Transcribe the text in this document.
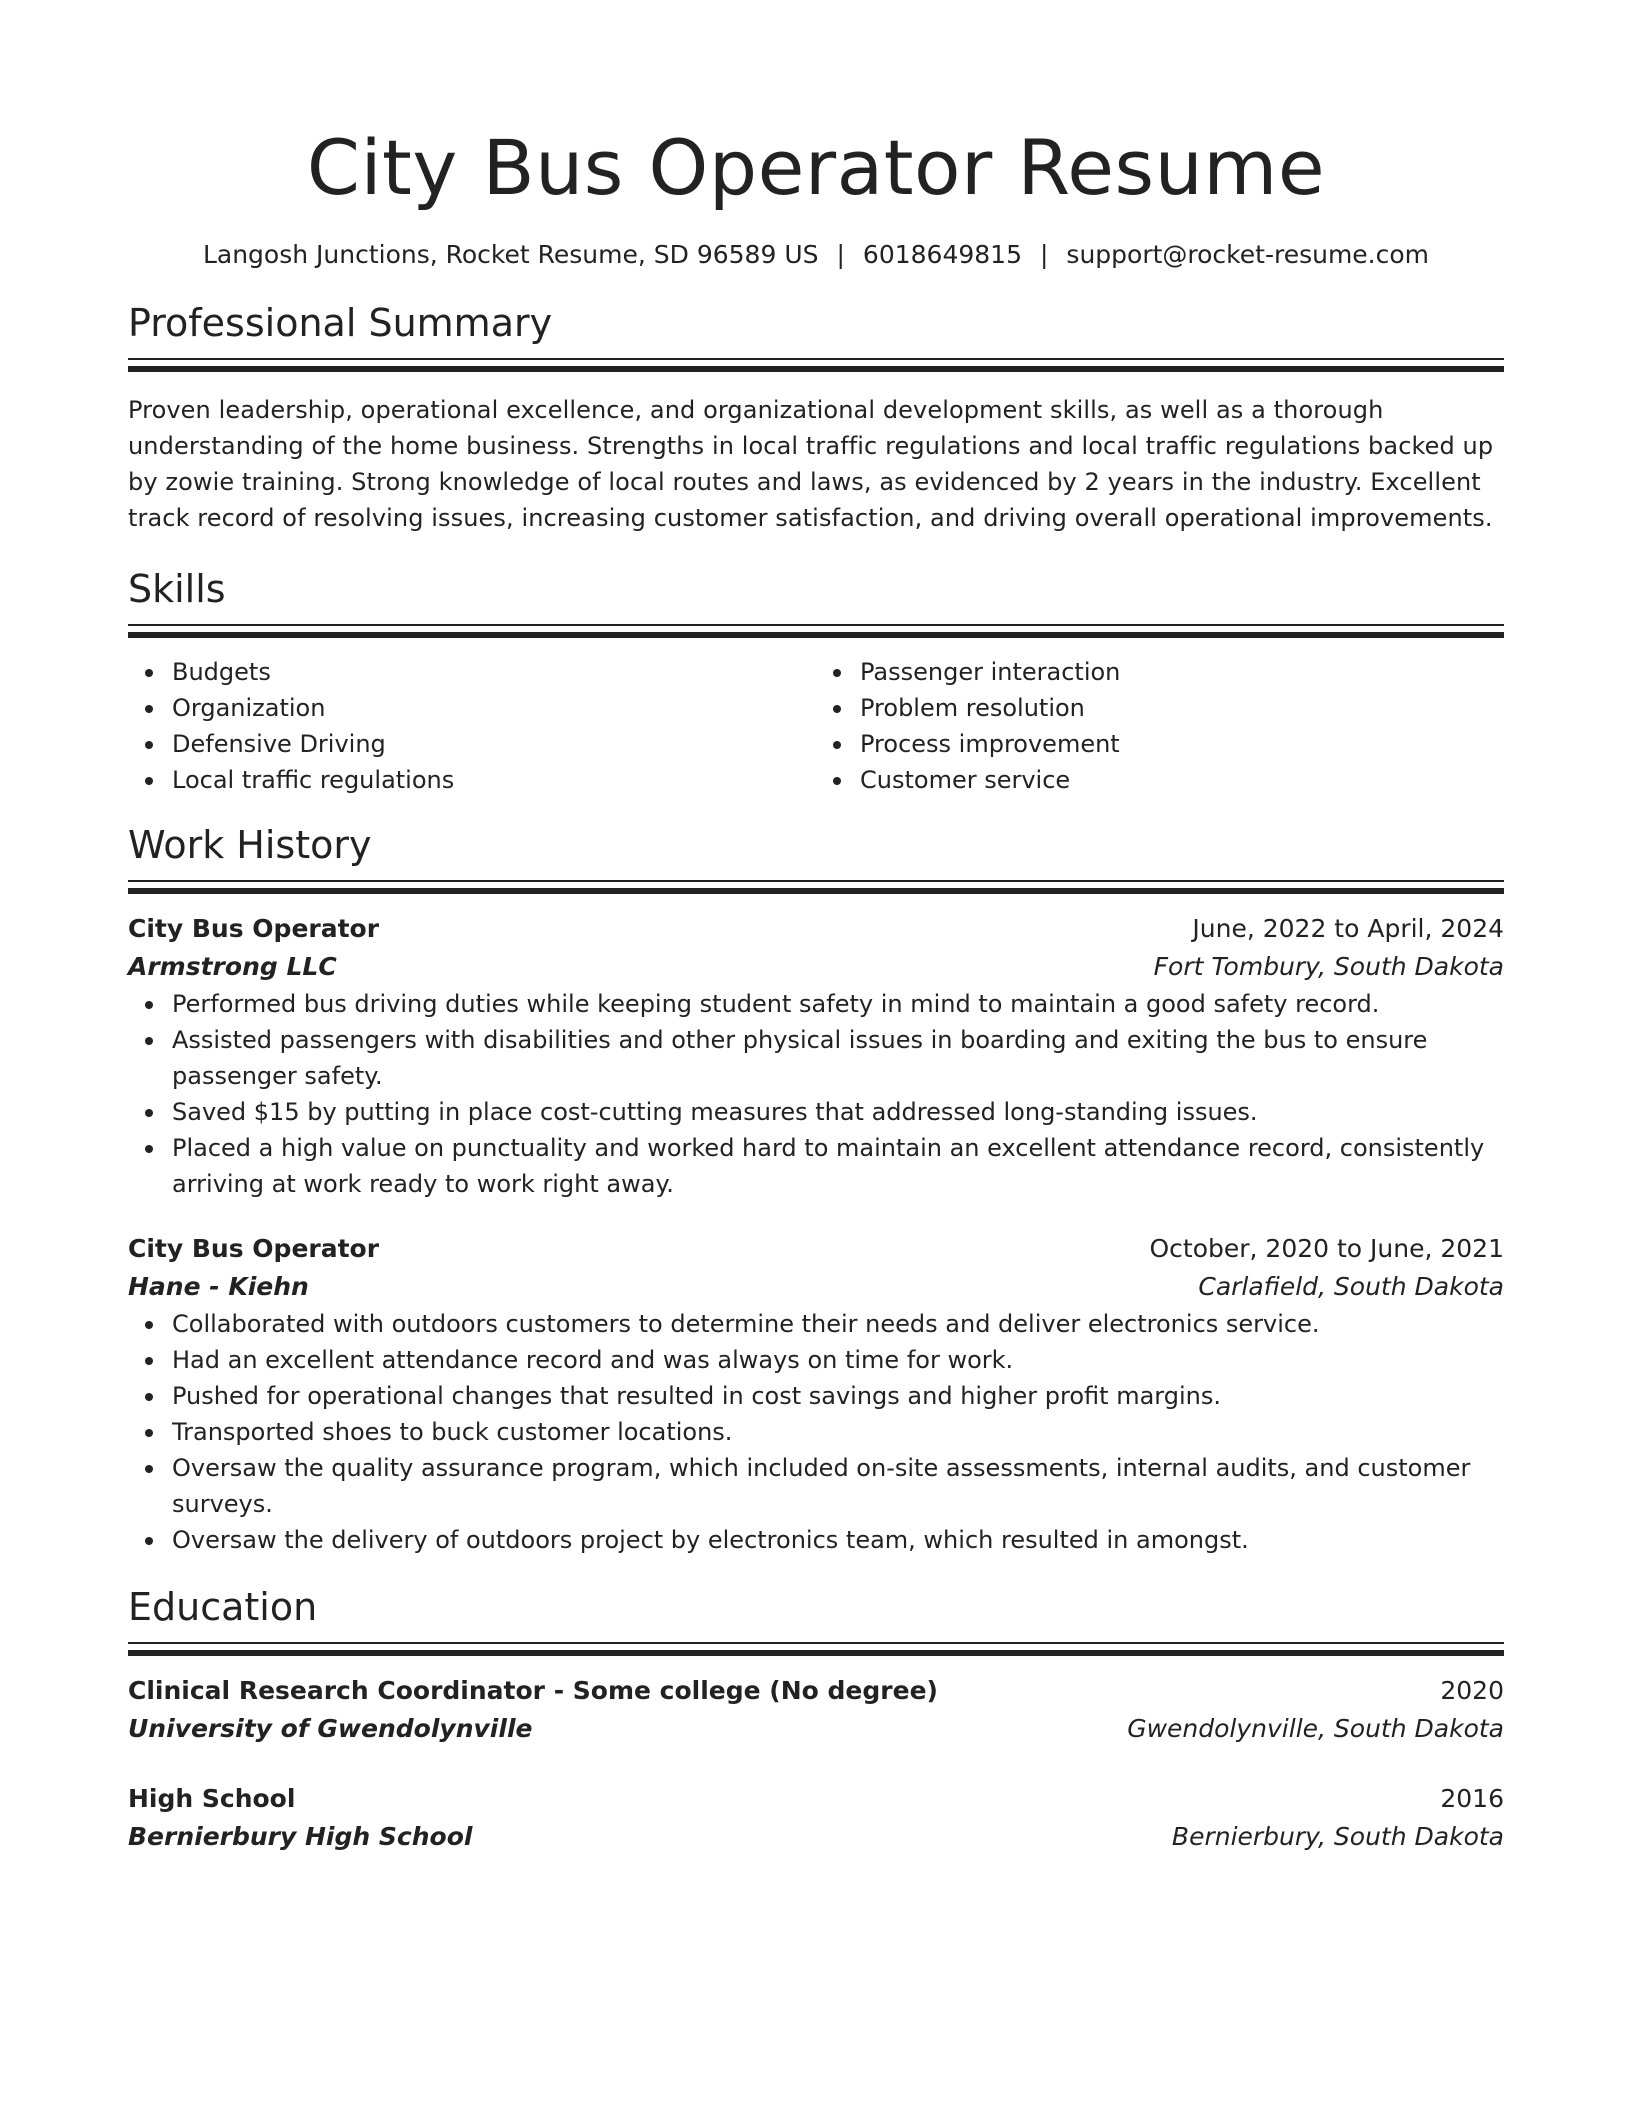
City Bus Operator Resume
Langosh Junctions, Rocket Resume, SD 96589 US | 6018649815 | support@rocket-resume.com
Professional Summary
Proven leadership, operational excellence, and organizational development skills, as well as a thorough understanding of the home business. Strengths in local traffic regulations and local traffic regulations backed up by zowie training. Strong knowledge of local routes and laws, as evidenced by 2 years in the industry. Excellent track record of resolving issues, increasing customer satisfaction, and driving overall operational improvements.
Skills
Budgets
Organization
Defensive Driving
Local traffic regulations
Passenger interaction
Problem resolution
Process improvement
Customer service
Work History
City Bus Operator	June, 2022 to April, 2024
Armstrong LLC	Fort Tombury, South Dakota
Performed bus driving duties while keeping student safety in mind to maintain a good safety record.
Assisted passengers with disabilities and other physical issues in boarding and exiting the bus to ensure passenger safety.
Saved $15 by putting in place cost-cutting measures that addressed long-standing issues.
Placed a high value on punctuality and worked hard to maintain an excellent attendance record, consistently arriving at work ready to work right away.
City Bus Operator	October, 2020 to June, 2021
Hane - Kiehn	Carlafield, South Dakota
Collaborated with outdoors customers to determine their needs and deliver electronics service.
Had an excellent attendance record and was always on time for work.
Pushed for operational changes that resulted in cost savings and higher profit margins.
Transported shoes to buck customer locations.
Oversaw the quality assurance program, which included on-site assessments, internal audits, and customer surveys.
Oversaw the delivery of outdoors project by electronics team, which resulted in amongst.
Education
Clinical Research Coordinator - Some college (No degree)	2020
University of Gwendolynville	Gwendolynville, South Dakota
High School	2016
Bernierbury High School	Bernierbury, South Dakota
